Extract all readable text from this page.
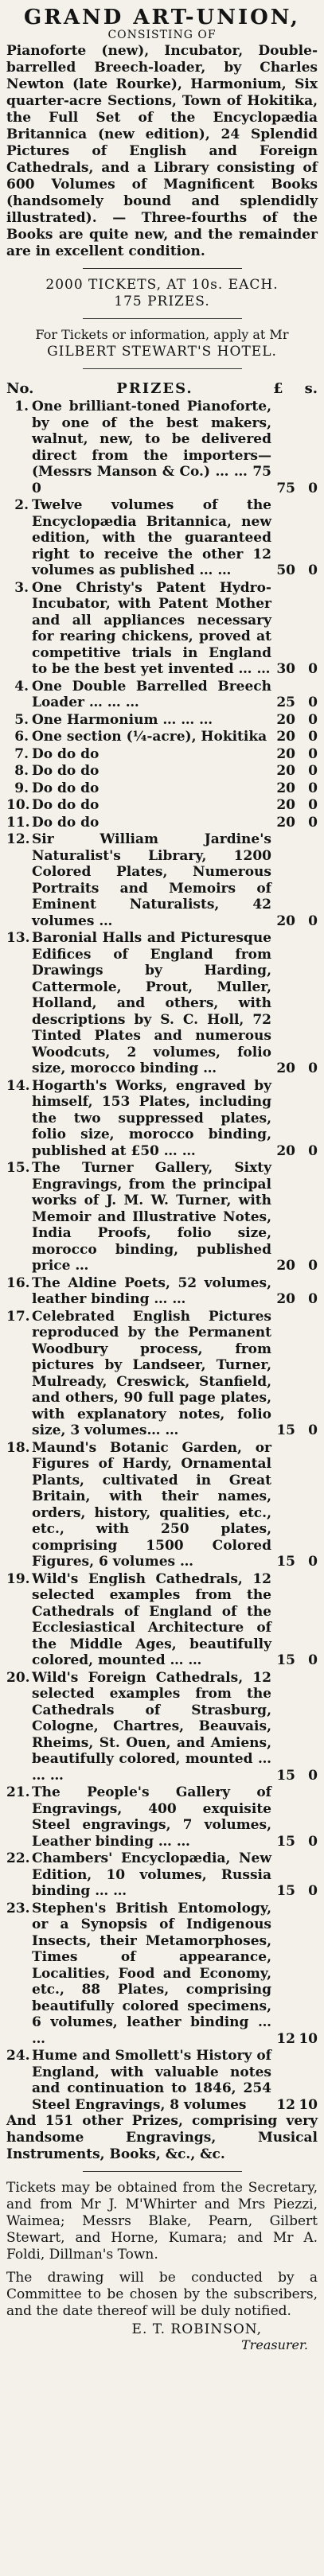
GRAND ART-UNION,
CONSISTING OF
Pianoforte (new), Incubator, Double-barrelled Breech-loader, by Charles Newton (late Rourke), Harmonium, Six quarter-acre Sections, Town of Hokitika, the Full Set of the Encyclopædia Britannica (new edition), 24 Splendid Pictures of English and Foreign Cathedrals, and a Library consisting of 600 Volumes of Magnificent Books (handsomely bound and splendidly illustrated). — Three-fourths of the Books are quite new, and the remainder are in excellent condition.
2000 TICKETS, AT 10s. EACH.
175 PRIZES.
For Tickets or information, apply at Mr
GILBERT STEWART'S HOTEL.
No.	PRIZES.	£ s.
1. One brilliant-toned Pianoforte, by one of the best makers, walnut, new, to be delivered direct from the importers—(Messrs Manson & Co.) … … 75 0	75 0
2. Twelve volumes of the Encyclopædia Britannica, new edition, with the guaranteed right to receive the other 12 volumes as published … …	50 0
3. One Christy's Patent Hydro-Incubator, with Patent Mother and all appliances necessary for rearing chickens, proved at competitive trials in England to be the best yet invented … … 30 0
4. One Double Barrelled Breech Loader … … …	25 0
5. One Harmonium … … …	20 0
6. One section (¼-acre), Hokitika 20 0
7. Do do do	20 0
8. Do do do	20 0
9. Do do do	20 0
10. Do do do	20 0
11. Do do do	20 0
12. Sir William Jardine's Naturalist's Library, 1200 Colored Plates, Numerous Portraits and Memoirs of Eminent Naturalists, 42 volumes …	20 0
13. Baronial Halls and Picturesque Edifices of England from Drawings by Harding, Cattermole, Prout, Muller, Holland, and others, with descriptions by S. C. Holl, 72 Tinted Plates and numerous Woodcuts, 2 volumes, folio size, morocco binding …	20 0
14. Hogarth's Works, engraved by himself, 153 Plates, including the two suppressed plates, folio size, morocco binding, published at £50 … …	20 0
15. The Turner Gallery, Sixty Engravings, from the principal works of J. M. W. Turner, with Memoir and Illustrative Notes, India Proofs, folio size, morocco binding, published price …	20 0
16. The Aldine Poets, 52 volumes, leather binding … …	20 0
17. Celebrated English Pictures reproduced by the Permanent Woodbury process, from pictures by Landseer, Turner, Mulready, Creswick, Stanfield, and others, 90 full page plates, with explanatory notes, folio size, 3 volumes… …	15 0
18. Maund's Botanic Garden, or Figures of Hardy, Ornamental Plants, cultivated in Great Britain, with their names, orders, history, qualities, etc., etc., with 250 plates, comprising 1500 Colored Figures, 6 volumes …	15 0
19. Wild's English Cathedrals, 12 selected examples from the Cathedrals of England of the Ecclesiastical Architecture of the Middle Ages, beautifully colored, mounted … …	15 0
20. Wild's Foreign Cathedrals, 12 selected examples from the Cathedrals of Strasburg, Cologne, Chartres, Beauvais, Rheims, St. Ouen, and Amiens, beautifully colored, mounted … … …	15 0
21. The People's Gallery of Engravings, 400 exquisite Steel engravings, 7 volumes, Leather binding … …	15 0
22. Chambers' Encyclopædia, New Edition, 10 volumes, Russia binding … …	15 0
23. Stephen's British Entomology, or a Synopsis of Indigenous Insects, their Metamorphoses, Times of appearance, Localities, Food and Economy, etc., 88 Plates, comprising beautifully colored specimens, 6 volumes, leather binding … …	12 10
24. Hume and Smollett's History of England, with valuable notes and continuation to 1846, 254 Steel Engravings, 8 volumes	12 10
And 151 other Prizes, comprising very handsome Engravings, Musical Instruments, Books, &c., &c.
Tickets may be obtained from the Secretary, and from Mr J. M'Whirter and Mrs Piezzi, Waimea; Messrs Blake, Pearn, Gilbert Stewart, and Horne, Kumara; and Mr A. Foldi, Dillman's Town.
The drawing will be conducted by a Committee to be chosen by the subscribers, and the date thereof will be duly notified.
E. T. ROBINSON,
Treasurer.
